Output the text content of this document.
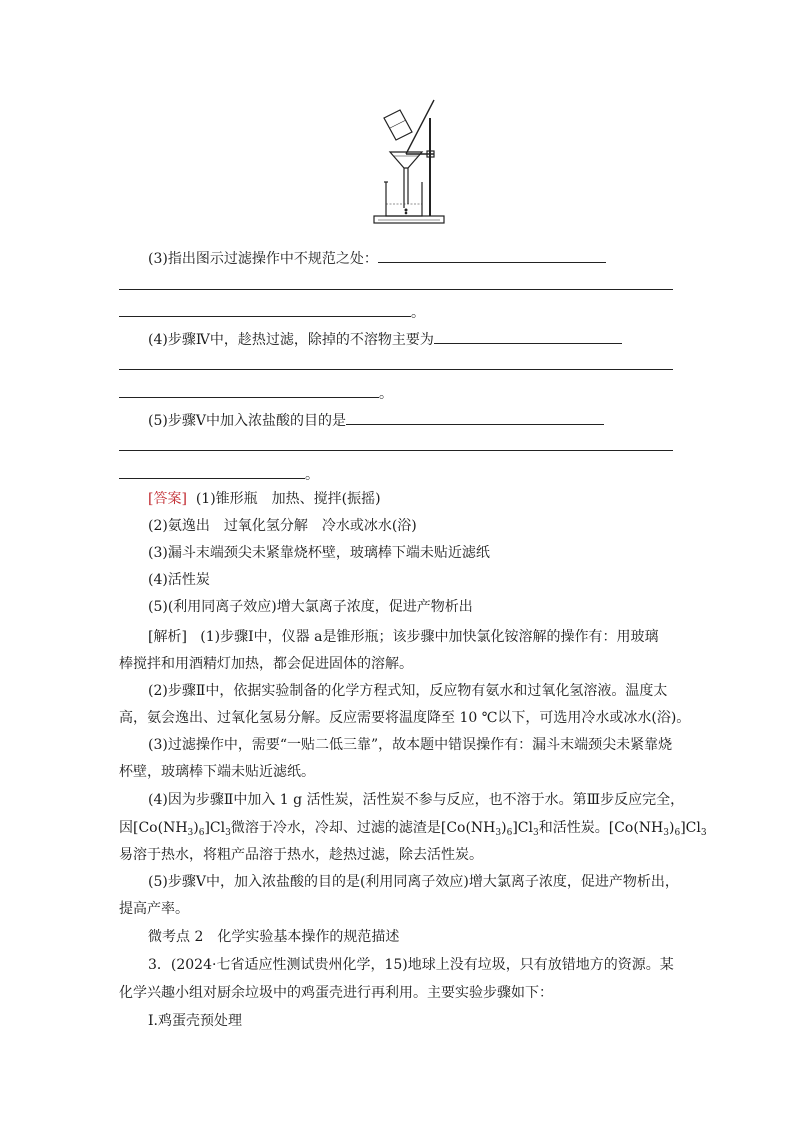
(3)指出图示过滤操作中不规范之处：
。
(4)步骤Ⅳ中，趁热过滤，除掉的不溶物主要为
。
(5)步骤Ⅴ中加入浓盐酸的目的是
。
[答案] (1)锥形瓶　加热、搅拌(振摇)
(2)氨逸出　过氧化氢分解　冷水或冰水(浴)
(3)漏斗末端颈尖未紧靠烧杯壁，玻璃棒下端未贴近滤纸
(4)活性炭
(5)(利用同离子效应)增大氯离子浓度，促进产物析出
[解析] (1)步骤Ⅰ中，仪器 a是锥形瓶；该步骤中加快氯化铵溶解的操作有：用玻璃
棒搅拌和用酒精灯加热，都会促进固体的溶解。
(2)步骤Ⅱ中，依据实验制备的化学方程式知，反应物有氨水和过氧化氢溶液。温度太
高，氨会逸出、过氧化氢易分解。反应需要将温度降至 10 ℃以下，可选用冷水或冰水(浴)。
(3)过滤操作中，需要“一贴二低三靠”，故本题中错误操作有：漏斗末端颈尖未紧靠烧
杯壁，玻璃棒下端未贴近滤纸。
(4)因为步骤Ⅱ中加入 1 g 活性炭，活性炭不参与反应，也不溶于水。第Ⅲ步反应完全，
因$[Co(NH_3)_6]Cl_3$微溶于冷水，冷却、过滤的滤渣是$[Co(NH_3)_6]Cl_3$和活性炭。$[Co(NH_3)_6]Cl_3$
易溶于热水，将粗产品溶于热水，趁热过滤，除去活性炭。
(5)步骤Ⅴ中，加入浓盐酸的目的是(利用同离子效应)增大氯离子浓度，促进产物析出，
提高产率。
微考点 2　化学实验基本操作的规范描述
3．(2024·七省适应性测试贵州化学，15)地球上没有垃圾，只有放错地方的资源。某
化学兴趣小组对厨余垃圾中的鸡蛋壳进行再利用。主要实验步骤如下：
Ⅰ.鸡蛋壳预处理
